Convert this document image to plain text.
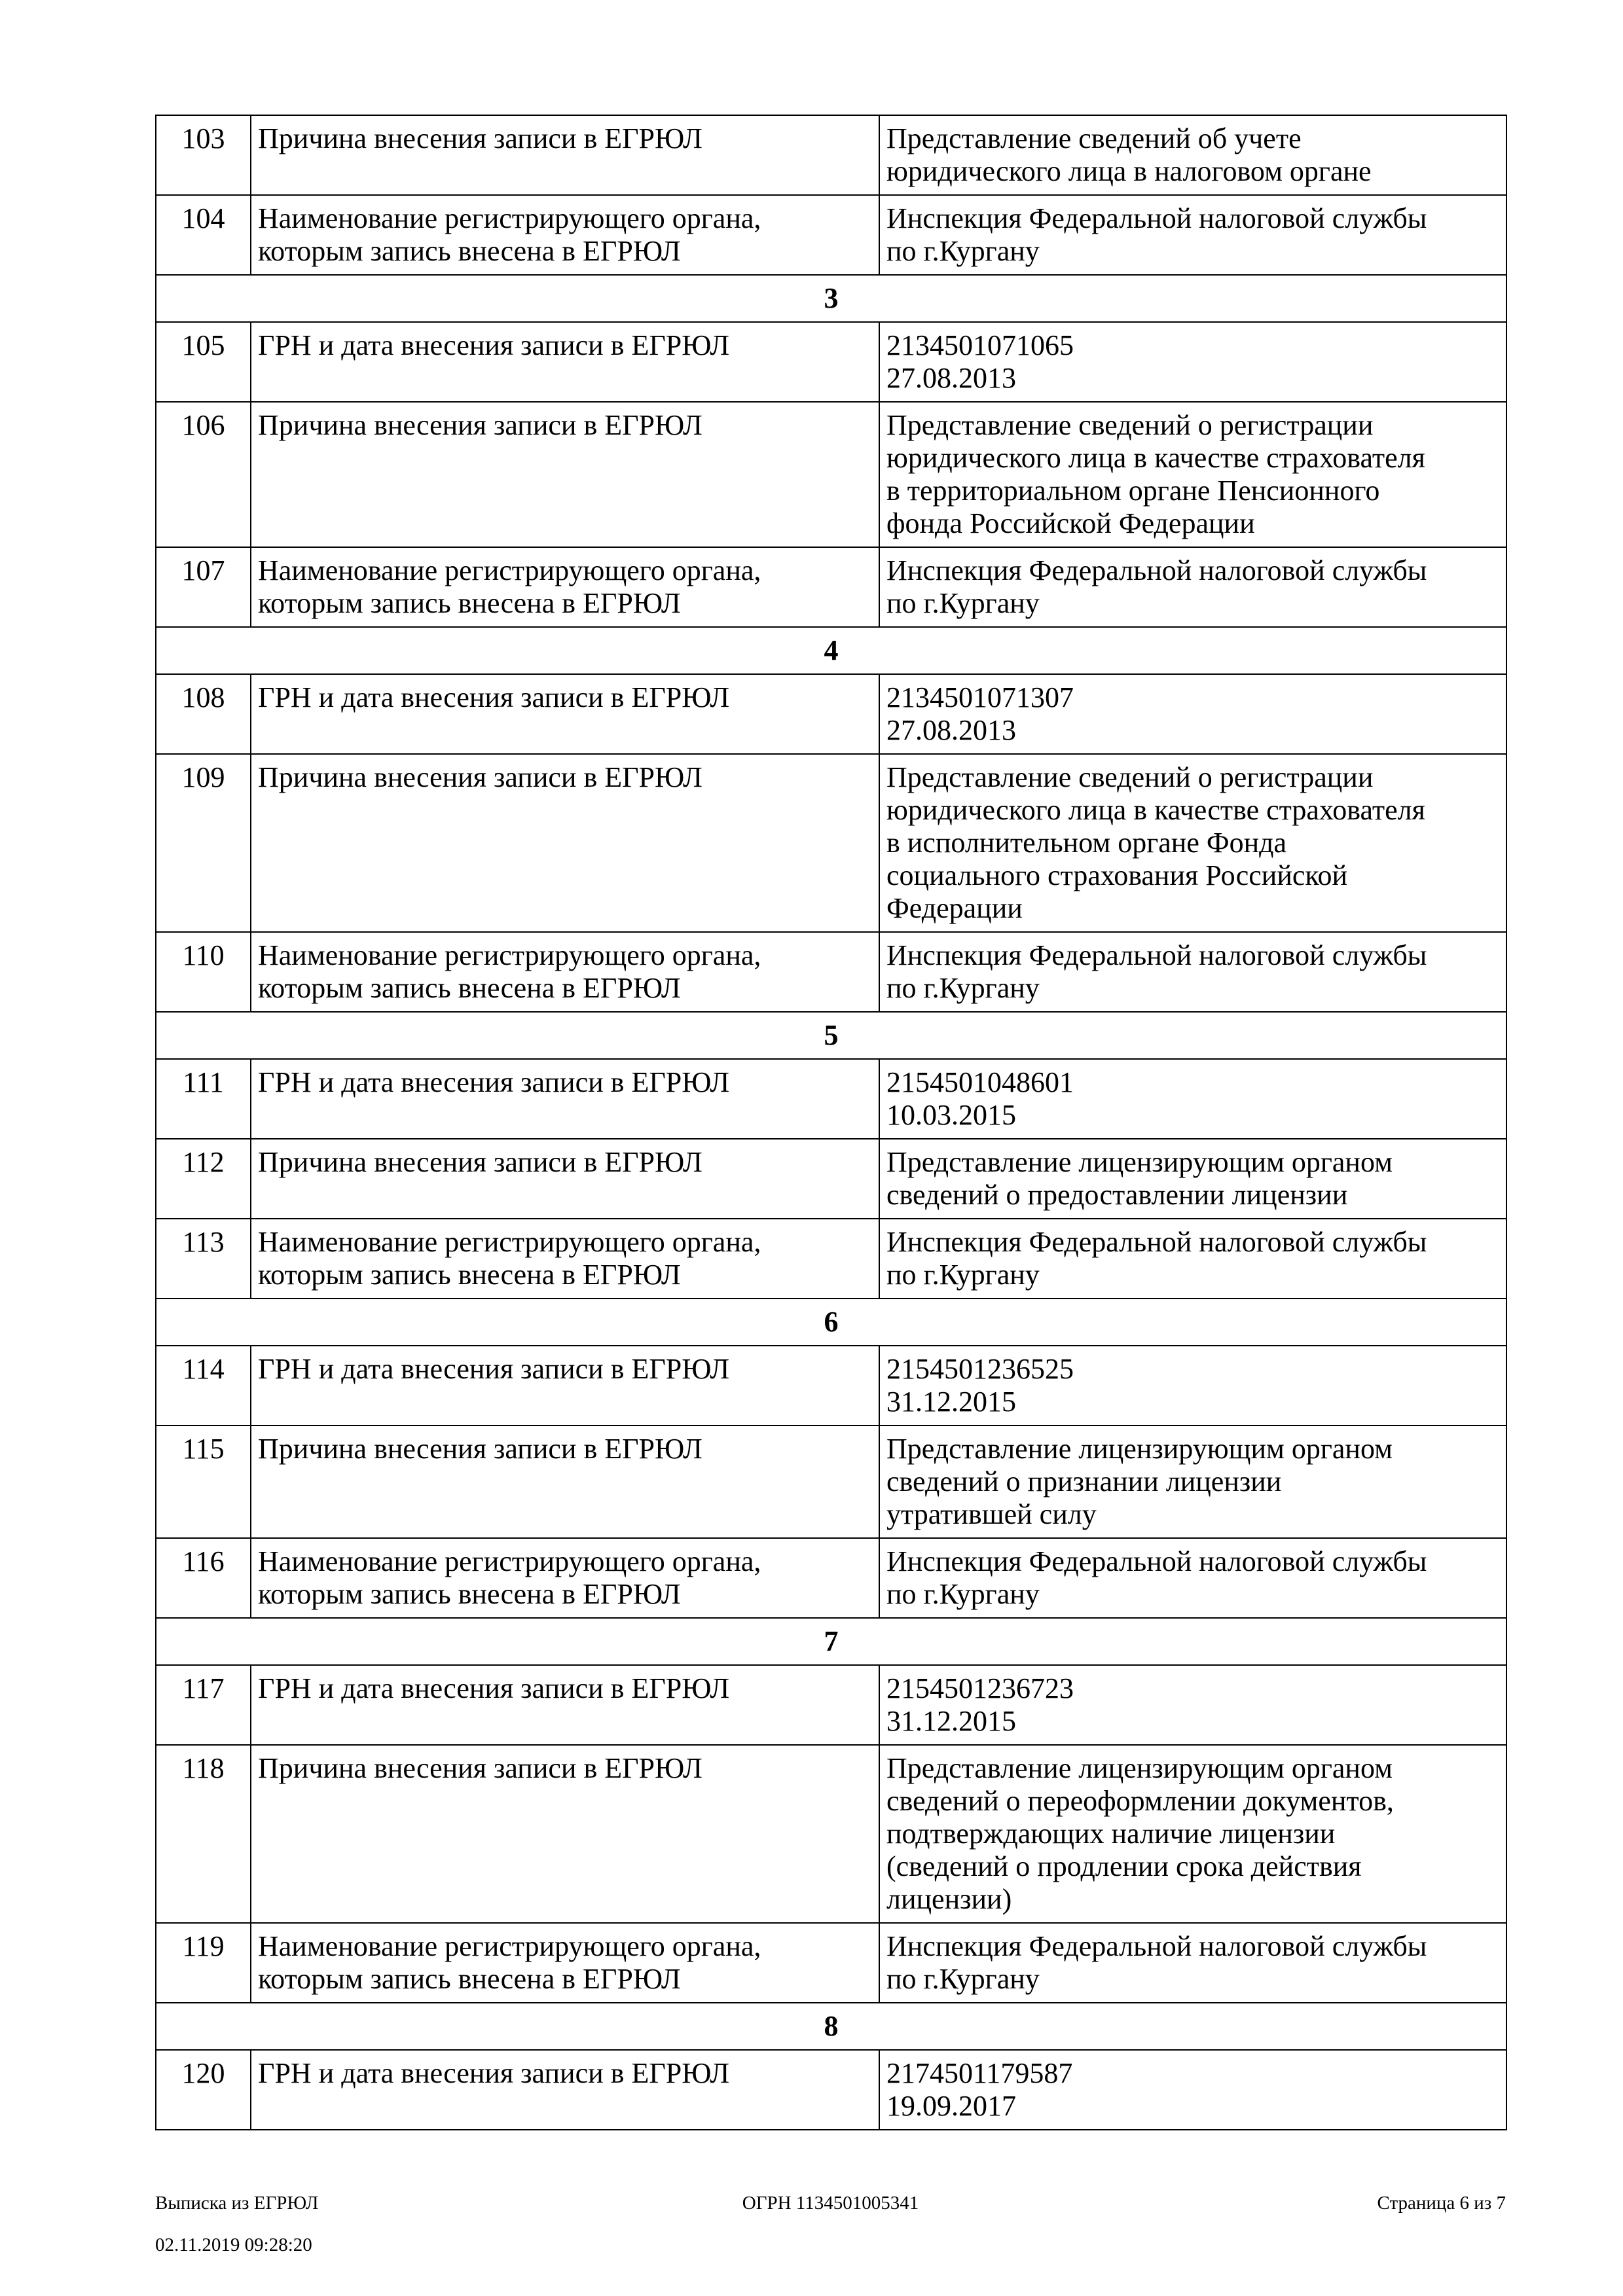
103	Причина внесения записи в ЕГРЮЛ	Представление сведений об учете
юридического лица в налоговом органе
104	Наименование регистрирующего органа, которым запись внесена в ЕГРЮЛ	Инспекция Федеральной налоговой службы
по г.Кургану
3		
105	ГРН и дата внесения записи в ЕГРЮЛ	2134501071065
27.08.2013
106	Причина внесения записи в ЕГРЮЛ	Представление сведений о регистрации
юридического лица в качестве страхователя
в территориальном органе Пенсионного
фонда Российской Федерации
107	Наименование регистрирующего органа, которым запись внесена в ЕГРЮЛ	Инспекция Федеральной налоговой службы
по г.Кургану
4		
108	ГРН и дата внесения записи в ЕГРЮЛ	2134501071307
27.08.2013
109	Причина внесения записи в ЕГРЮЛ	Представление сведений о регистрации
юридического лица в качестве страхователя
в исполнительном органе Фонда
социального страхования Российской
Федерации
110	Наименование регистрирующего органа, которым запись внесена в ЕГРЮЛ	Инспекция Федеральной налоговой службы
по г.Кургану
5		
111	ГРН и дата внесения записи в ЕГРЮЛ	2154501048601
10.03.2015
112	Причина внесения записи в ЕГРЮЛ	Представление лицензирующим органом
сведений о предоставлении лицензии
113	Наименование регистрирующего органа, которым запись внесена в ЕГРЮЛ	Инспекция Федеральной налоговой службы
по г.Кургану
6		
114	ГРН и дата внесения записи в ЕГРЮЛ	2154501236525
31.12.2015
115	Причина внесения записи в ЕГРЮЛ	Представление лицензирующим органом
сведений о признании лицензии
утратившей силу
116	Наименование регистрирующего органа, которым запись внесена в ЕГРЮЛ	Инспекция Федеральной налоговой службы
по г.Кургану
7		
117	ГРН и дата внесения записи в ЕГРЮЛ	2154501236723
31.12.2015
118	Причина внесения записи в ЕГРЮЛ	Представление лицензирующим органом
сведений о переоформлении документов,
подтверждающих наличие лицензии
(сведений о продлении срока действия
лицензии)
119	Наименование регистрирующего органа, которым запись внесена в ЕГРЮЛ	Инспекция Федеральной налоговой службы
по г.Кургану
8		
120	ГРН и дата внесения записи в ЕГРЮЛ	2174501179587
19.09.2017

Выписка из ЕГРЮЛ

02.11.2019 09:28:20

ОГРН 1134501005341	Страница 6 из 7
